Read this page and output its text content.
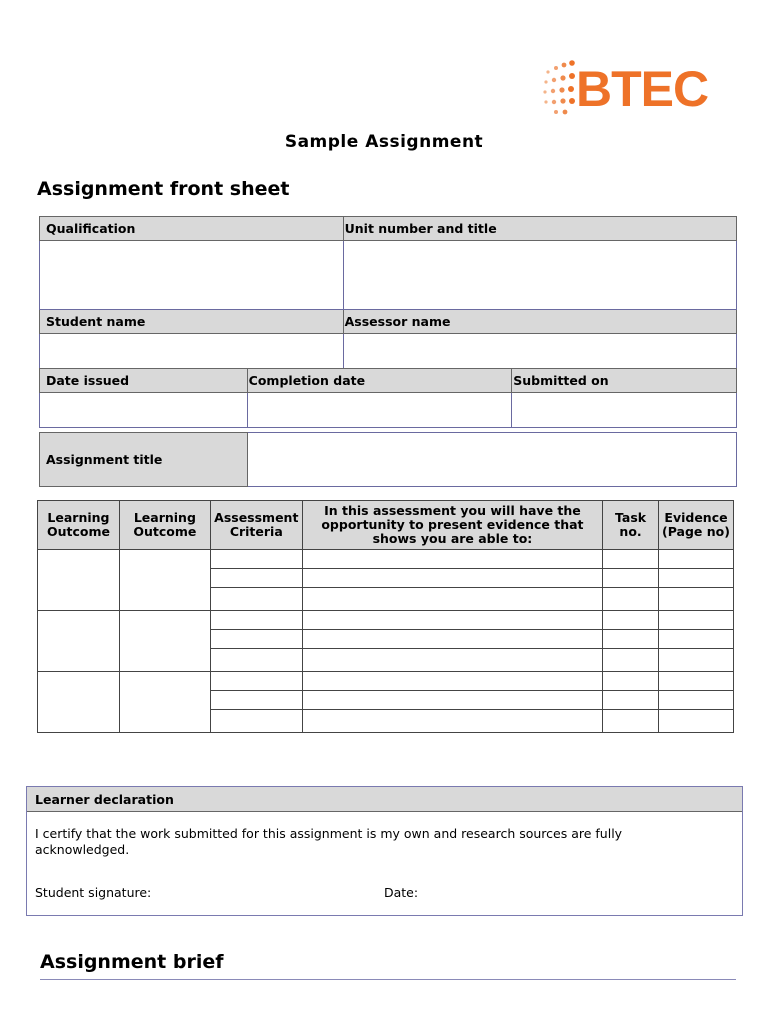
BTEC
Sample Assignment
Assignment front sheet
Qualification	Unit number and title

Student name	Assessor name

Date issued	Completion date	Submitted on

Assignment title	
Learning Outcome	Learning Outcome	Assessment Criteria	In this assessment you will have the opportunity to present evidence that shows you are able to:	Task no.	Evidence (Page no)

Learner declaration
I certify that the work submitted for this assignment is my own and research sources are fully acknowledged.
Student signature:	Date:
Assignment brief
